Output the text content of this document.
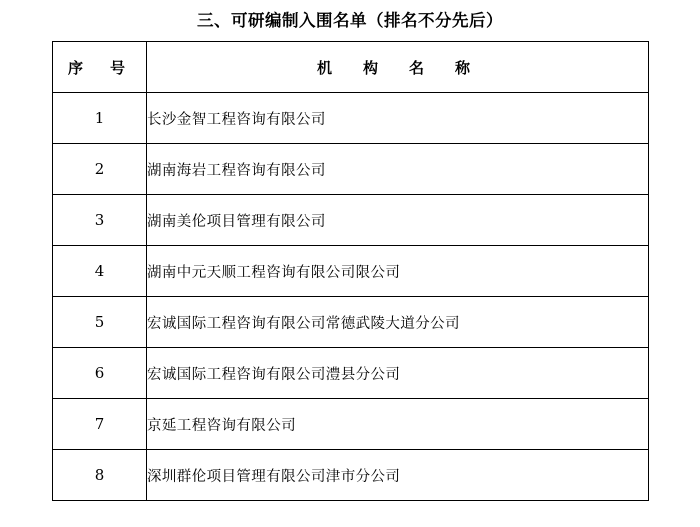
三、可研编制入围名单（排名不分先后）
序　号	机　构　名　称
1	长沙金智工程咨询有限公司
2	湖南海岩工程咨询有限公司
3	湖南美伦项目管理有限公司
4	湖南中元天顺工程咨询有限公司限公司
5	宏诚国际工程咨询有限公司常德武陵大道分公司
6	宏诚国际工程咨询有限公司澧县分公司
7	京延工程咨询有限公司
8	深圳群伦项目管理有限公司津市分公司
